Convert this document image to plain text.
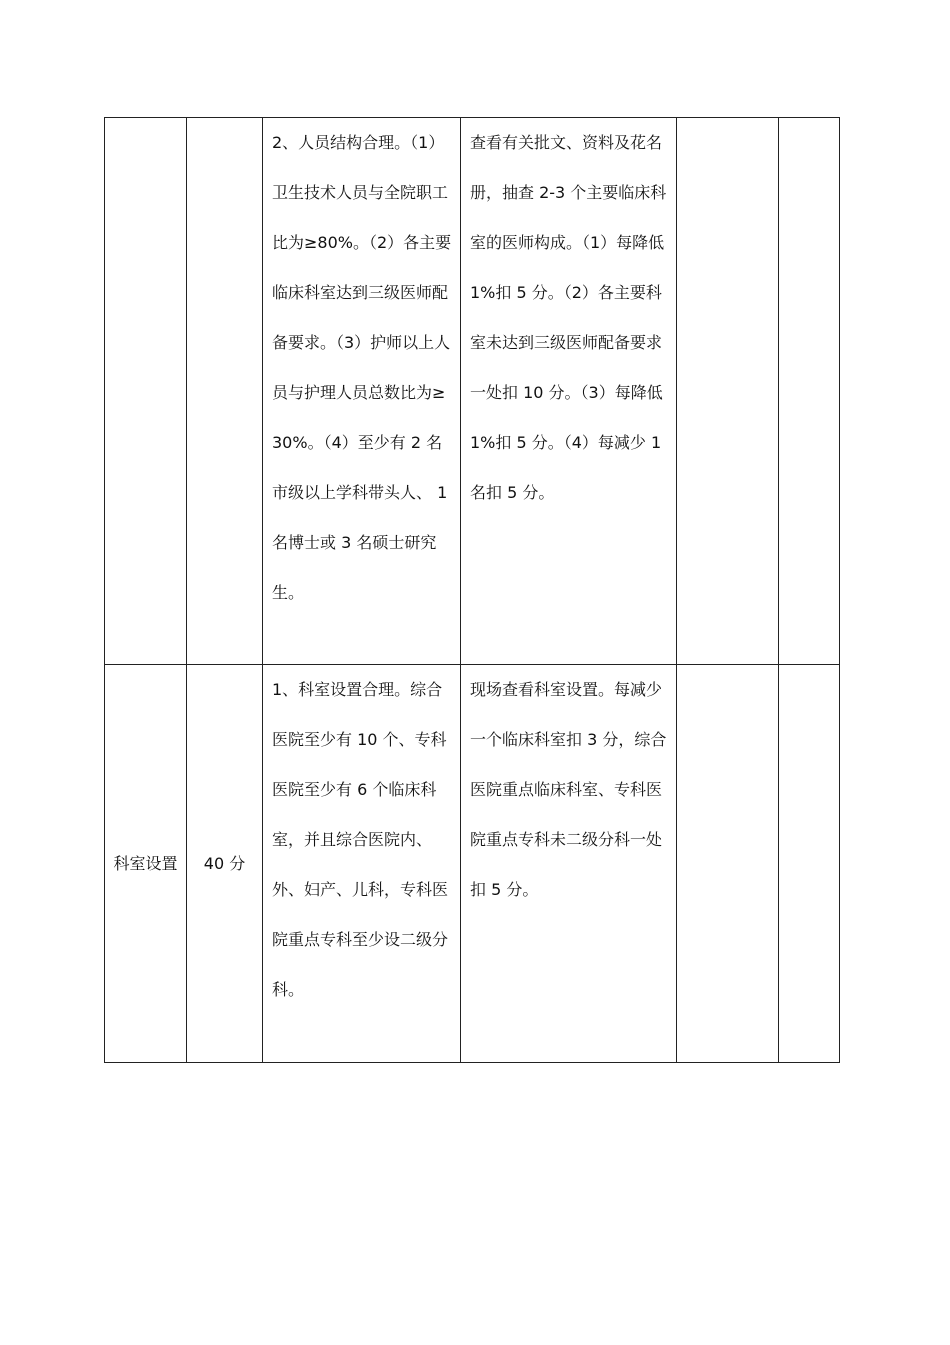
		2、人员结构合理。（1）卫生技术人员与全院职工比为≥80%。（2）各主要临床科室达到三级医师配备要求。（3）护师以上人员与护理人员总数比为≥30%。（4）至少有 2 名市级以上学科带头人、 1 名博士或 3 名硕士研究生。	查看有关批文、资料及花名册，抽查 2-3 个主要临床科室的医师构成。（1）每降低 1%扣 5 分。（2）各主要科室未达到三级医师配备要求一处扣 10 分。（3）每降低 1%扣 5 分。（4）每减少 1 名扣 5 分。		

科室设置	40 分	1、科室设置合理。综合医院至少有 10 个、专科医院至少有 6 个临床科室，并且综合医院内、外、妇产、儿科，专科医院重点专科至少设二级分科。	现场查看科室设置。每减少一个临床科室扣 3 分，综合医院重点临床科室、专科医院重点专科未二级分科一处扣 5 分。		
